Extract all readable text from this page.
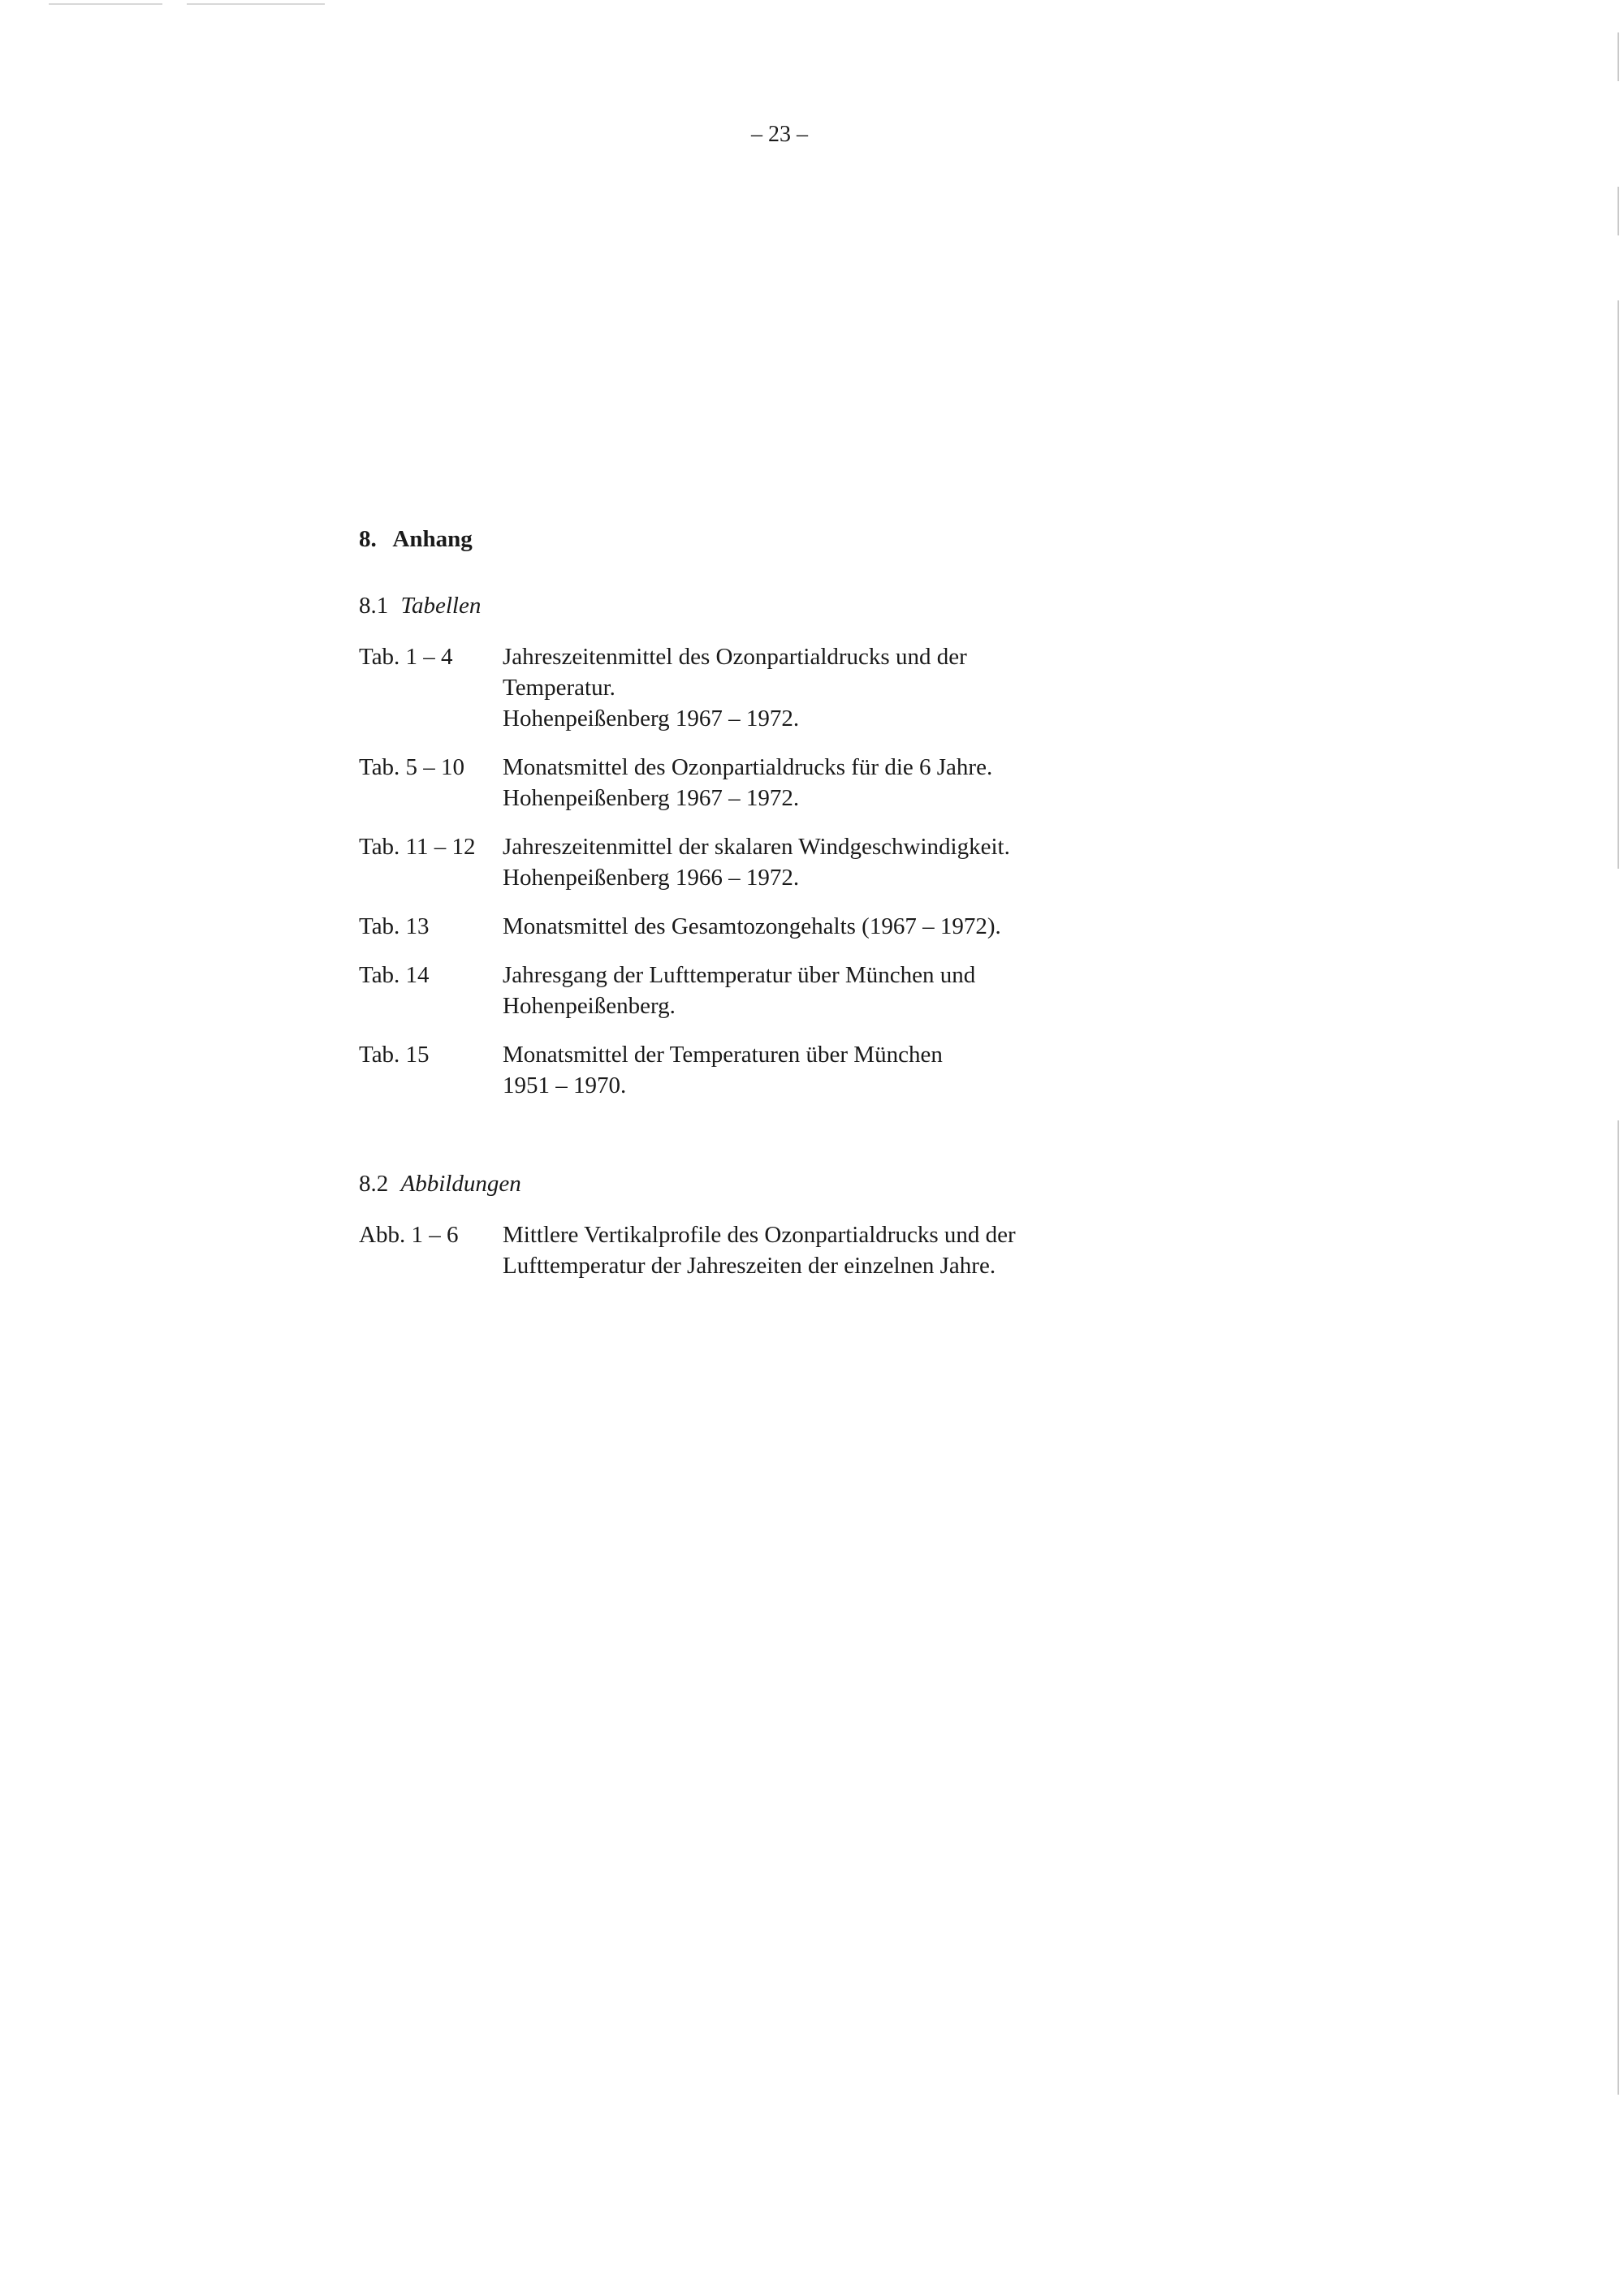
– 23 –
8. Anhang
8.1 Tabellen
Tab. 1 – 4	Jahreszeitenmittel des Ozonpartialdrucks und der
Temperatur.
Hohenpeißenberg 1967 – 1972.
Tab. 5 – 10	Monatsmittel des Ozonpartialdrucks für die 6 Jahre.
Hohenpeißenberg 1967 – 1972.
Tab. 11 – 12	Jahreszeitenmittel der skalaren Windgeschwindigkeit.
Hohenpeißenberg 1966 – 1972.
Tab. 13	Monatsmittel des Gesamtozongehalts (1967 – 1972).
Tab. 14	Jahresgang der Lufttemperatur über München und
Hohenpeißenberg.
Tab. 15	Monatsmittel der Temperaturen über München
1951 – 1970.
8.2 Abbildungen
Abb. 1 – 6	Mittlere Vertikalprofile des Ozonpartialdrucks und der
Lufttemperatur der Jahreszeiten der einzelnen Jahre.
